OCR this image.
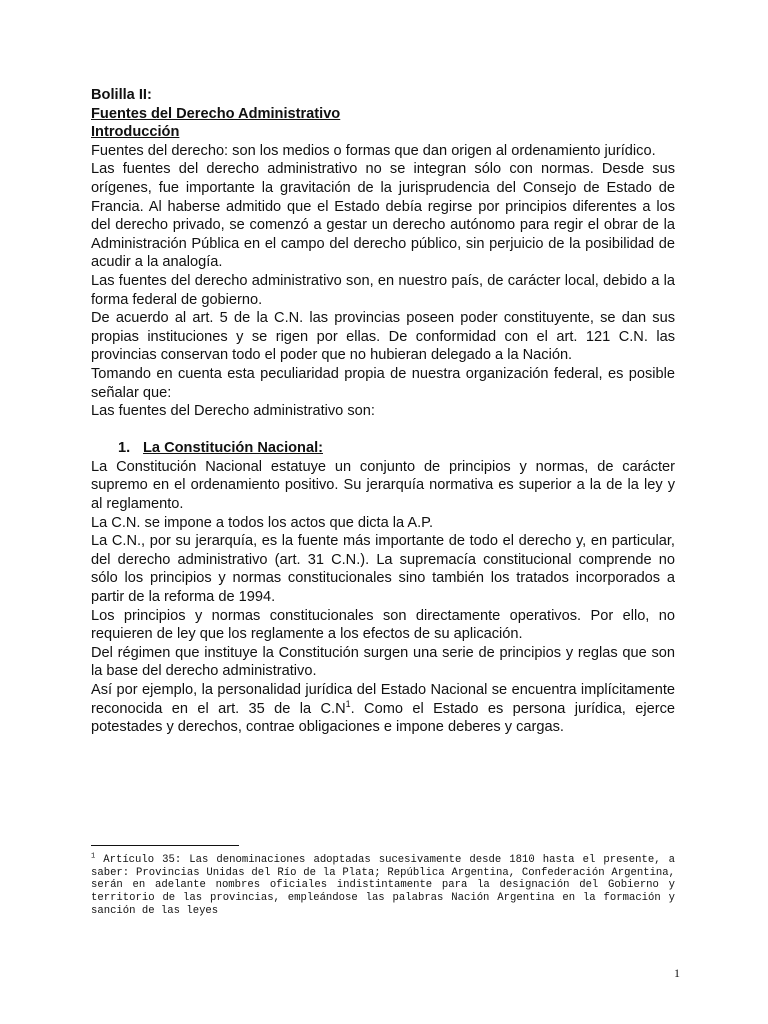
Bolilla II:

Fuentes del Derecho Administrativo

Introducción

Fuentes del derecho: son los medios o formas que dan origen al ordenamiento jurídico.

Las fuentes del derecho administrativo no se integran sólo con normas. Desde sus orígenes, fue importante la gravitación de la jurisprudencia del Consejo de Estado de Francia. Al haberse admitido que el Estado debía regirse por principios diferentes a los del derecho privado, se comenzó a gestar un derecho autónomo para regir el obrar de la Administración Pública en el campo del derecho público, sin perjuicio de la posibilidad de acudir a la analogía.

Las fuentes del derecho administrativo son, en nuestro país, de carácter local, debido a la forma federal de gobierno.

De acuerdo al art. 5 de la C.N. las provincias poseen poder constituyente, se dan sus propias instituciones y se rigen por ellas. De conformidad con el art. 121 C.N. las provincias conservan todo el poder que no hubieran delegado a la Nación.

Tomando en cuenta esta peculiaridad propia de nuestra organización federal, es posible señalar que:

Las fuentes del Derecho administrativo son:

1. La Constitución Nacional:

La Constitución Nacional estatuye un conjunto de principios y normas, de carácter supremo en el ordenamiento positivo. Su jerarquía normativa es superior a la de la ley y al reglamento.

La C.N. se impone a todos los actos que dicta la A.P.

La C.N., por su jerarquía, es la fuente más importante de todo el derecho y, en particular, del derecho administrativo (art. 31 C.N.). La supremacía constitucional comprende no sólo los principios y normas constitucionales sino también los tratados incorporados a partir de la reforma de 1994.

Los principios y normas constitucionales son directamente operativos. Por ello, no requieren de ley que los reglamente a los efectos de su aplicación.

Del régimen que instituye la Constitución surgen una serie de principios y reglas que son la base del derecho administrativo.

Así por ejemplo, la personalidad jurídica del Estado Nacional se encuentra implícitamente reconocida en el art. 35 de la $C.N^1$. Como el Estado es persona jurídica, ejerce potestades y derechos, contrae obligaciones e impone deberes y cargas.

$^1$ Artículo 35: Las denominaciones adoptadas sucesivamente desde 1810 hasta el presente, a saber: Provincias Unidas del Río de la Plata; República Argentina, Confederación Argentina, serán en adelante nombres oficiales indistintamente para la designación del Gobierno y territorio de las provincias, empleándose las palabras Nación Argentina en la formación y sanción de las leyes
1
